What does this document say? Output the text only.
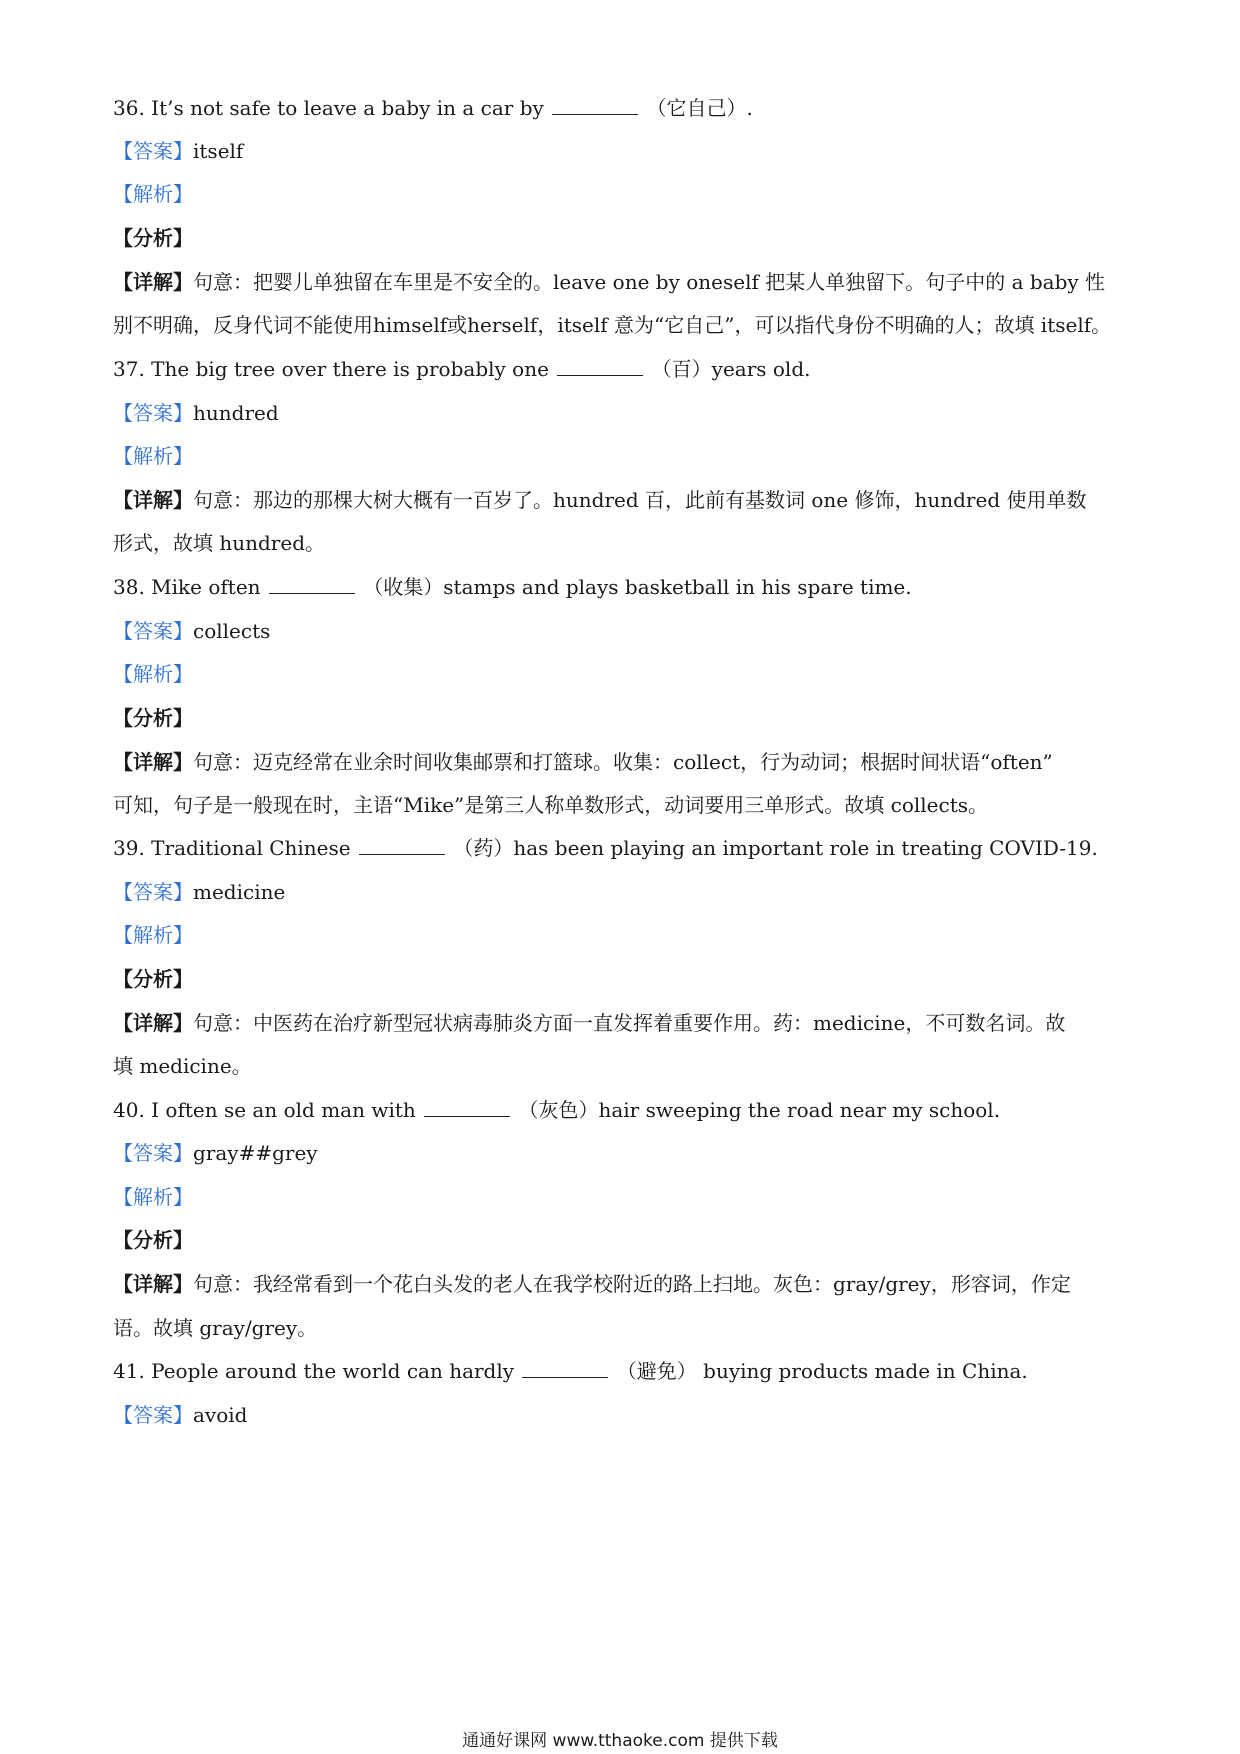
36. It’s not safe to leave a baby in a car by	（它自己）.
【答案】itself
【解析】
【分析】
【详解】句意：把婴儿单独留在车里是不安全的。leave one by oneself 把某人单独留下。句子中的 a baby 性
别不明确，反身代词不能使用himself或herself，itself 意为“它自己”，可以指代身份不明确的人；故填 itself。
37. The big tree over there is probably one	（百）years old.
【答案】hundred
【解析】
【详解】句意：那边的那棵大树大概有一百岁了。hundred 百，此前有基数词 one 修饰，hundred 使用单数
形式，故填 hundred。
38. Mike often	（收集）stamps and plays basketball in his spare time.
【答案】collects
【解析】
【分析】
【详解】句意：迈克经常在业余时间收集邮票和打篮球。收集：collect，行为动词；根据时间状语“often”
可知，句子是一般现在时，主语“Mike”是第三人称单数形式，动词要用三单形式。故填 collects。
39. Traditional Chinese	（药）has been playing an important role in treating COVID-19.
【答案】medicine
【解析】
【分析】
【详解】句意：中医药在治疗新型冠状病毒肺炎方面一直发挥着重要作用。药：medicine，不可数名词。故
填 medicine。
40. I often se an old man with	（灰色）hair sweeping the road near my school.
【答案】gray##grey
【解析】
【分析】
【详解】句意：我经常看到一个花白头发的老人在我学校附近的路上扫地。灰色：gray/grey，形容词，作定
语。故填 gray/grey。
41. People around the world can hardly	（避免） buying products made in China.
【答案】avoid
通通好课网 www.tthaoke.com 提供下载
